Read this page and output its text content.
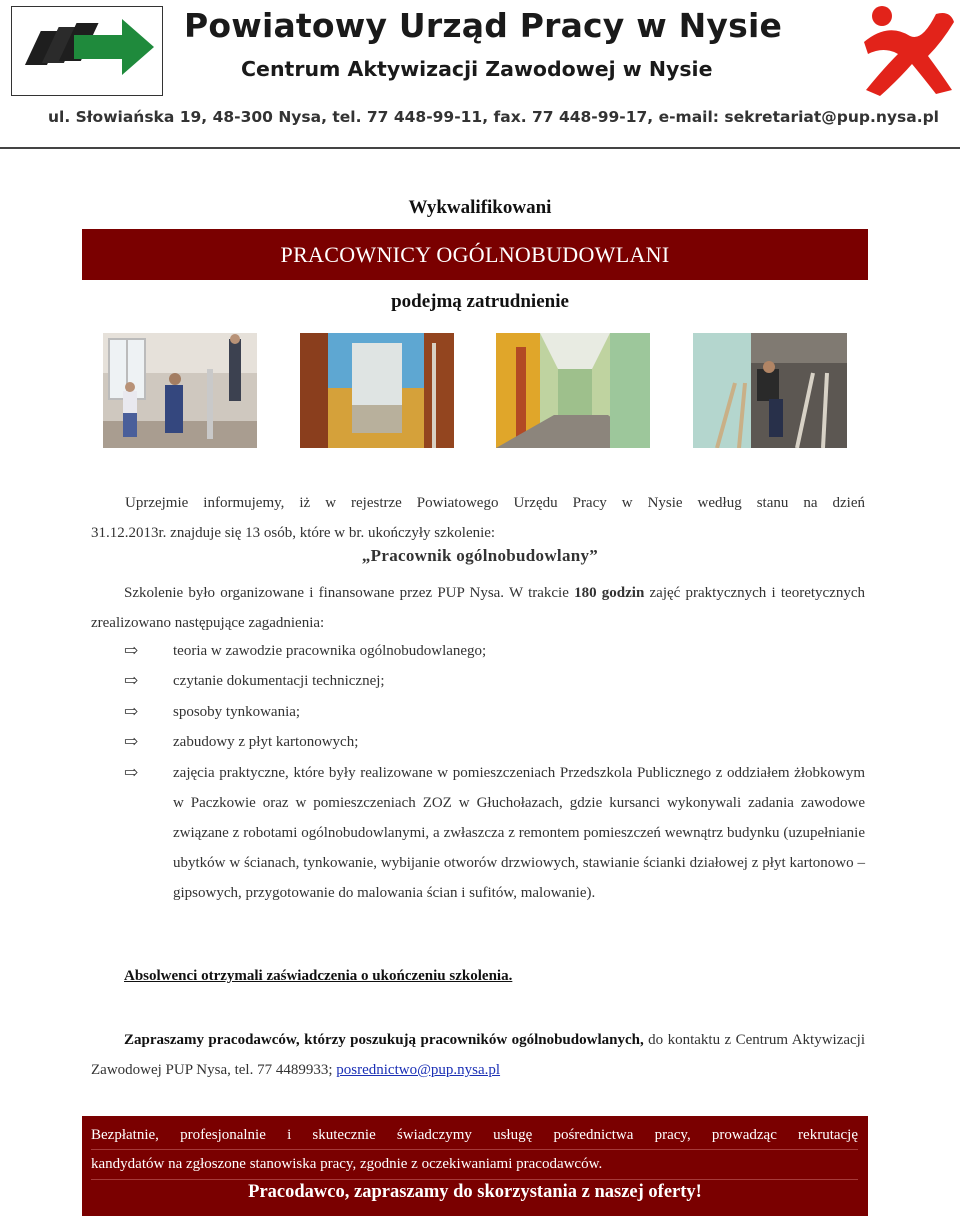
Powiatowy Urząd Pracy w Nysie
Centrum Aktywizacji Zawodowej w Nysie
ul. Słowiańska 19, 48-300 Nysa, tel. 77 448-99-11, fax. 77 448-99-17, e-mail: sekretariat@pup.nysa.pl
Wykwalifikowani
PRACOWNICY OGÓLNOBUDOWLANI
podejmą zatrudnienie
Uprzejmie informujemy, iż w rejestrze Powiatowego Urzędu Pracy w Nysie według stanu na dzień
31.12.2013r. znajduje się 13 osób, które w br. ukończyły szkolenie:
„Pracownik ogólnobudowlany”
Szkolenie było organizowane i finansowane przez PUP Nysa. W trakcie 180 godzin zajęć praktycznych i teoretycznych zrealizowano następujące zagadnienia:
⇨	teoria w zawodzie pracownika ogólnobudowlanego;
⇨	czytanie dokumentacji technicznej;
⇨	sposoby tynkowania;
⇨	zabudowy z płyt kartonowych;
⇨	zajęcia praktyczne, które były realizowane w pomieszczeniach Przedszkola Publicznego z oddziałem żłobkowym w Paczkowie oraz w pomieszczeniach ZOZ w Głuchołazach, gdzie kursanci wykonywali zadania zawodowe związane z robotami ogólnobudowlanymi, a zwłaszcza z remontem pomieszczeń wewnątrz budynku (uzupełnianie ubytków w ścianach, tynkowanie, wybijanie otworów drzwiowych, stawianie ścianki działowej z płyt kartonowo – gipsowych, przygotowanie do malowania ścian i sufitów, malowanie).
Absolwenci otrzymali zaświadczenia o ukończeniu szkolenia.
Zapraszamy pracodawców, którzy poszukują pracowników ogólnobudowlanych, do kontaktu z Centrum Aktywizacji Zawodowej PUP Nysa, tel. 77 4489933; posrednictwo@pup.nysa.pl
Bezpłatnie, profesjonalnie i skutecznie świadczymy usługę pośrednictwa pracy, prowadząc rekrutację
kandydatów na zgłoszone stanowiska pracy, zgodnie z oczekiwaniami pracodawców.
Pracodawco, zapraszamy do skorzystania z naszej oferty!
